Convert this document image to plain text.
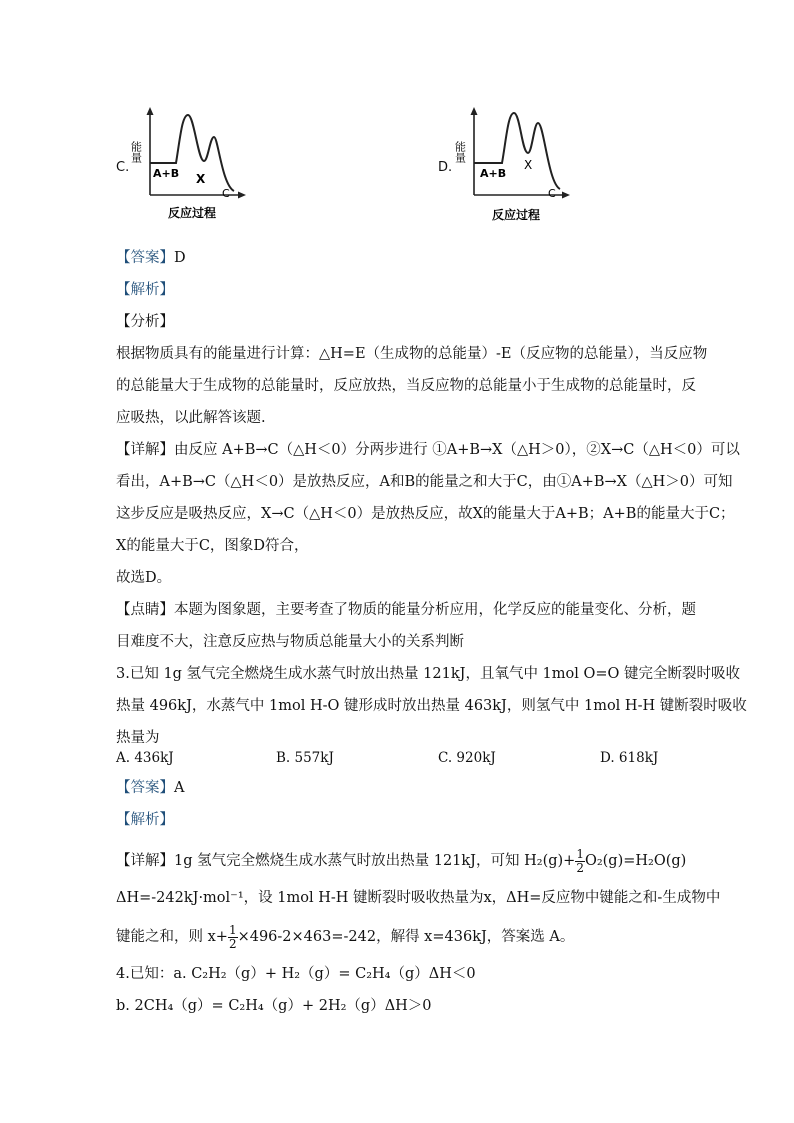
C.
能量
A+B X
C
反应过程
D.
能量
A+B
X
C
反应过程
【答案】D
【解析】
【分析】
根据物质具有的能量进行计算：△H=E（生成物的总能量）-E（反应物的总能量），当反应物
的总能量大于生成物的总能量时，反应放热，当反应物的总能量小于生成物的总能量时，反
应吸热，以此解答该题.
【详解】由反应 A+B→C（△H＜0）分两步进行 ①A+B→X（△H＞0），②X→C（△H＜0）可以
看出，A+B→C（△H＜0）是放热反应，A和B的能量之和大于C，由①A+B→X（△H＞0）可知
这步反应是吸热反应，X→C（△H＜0）是放热反应，故X的能量大于A+B；A+B的能量大于C；
X的能量大于C，图象D符合，
故选D。
【点睛】本题为图象题，主要考查了物质的能量分析应用，化学反应的能量变化、分析，题
目难度不大，注意反应热与物质总能量大小的关系判断
3.已知 1g 氢气完全燃烧生成水蒸气时放出热量 121kJ，且氧气中 1mol O=O 键完全断裂时吸收
热量 496kJ，水蒸气中 1mol H-O 键形成时放出热量 463kJ，则氢气中 1mol H-H 键断裂时吸收
热量为
A. 436kJ	B. 557kJ	C. 920kJ	D. 618kJ
【答案】A
【解析】
【详解】1g 氢气完全燃烧生成水蒸气时放出热量 121kJ，可知 $H_2(g)+ \frac{1}{2} O_2(g)=H_2O(g)$
ΔH=-242kJ·mol⁻¹，设 1mol H-H 键断裂时吸收热量为x，ΔH=反应物中键能之和-生成物中
键能之和，则 $x+ \frac{1}{2} \times 496-2\times 463=-242$，解得 x=436kJ，答案选 A。
4.已知：a. C₂H₂（g）+ H₂（g）= C₂H₄（g）ΔH＜0
b. 2CH₄（g）= C₂H₄（g）+ 2H₂（g）ΔH＞0
